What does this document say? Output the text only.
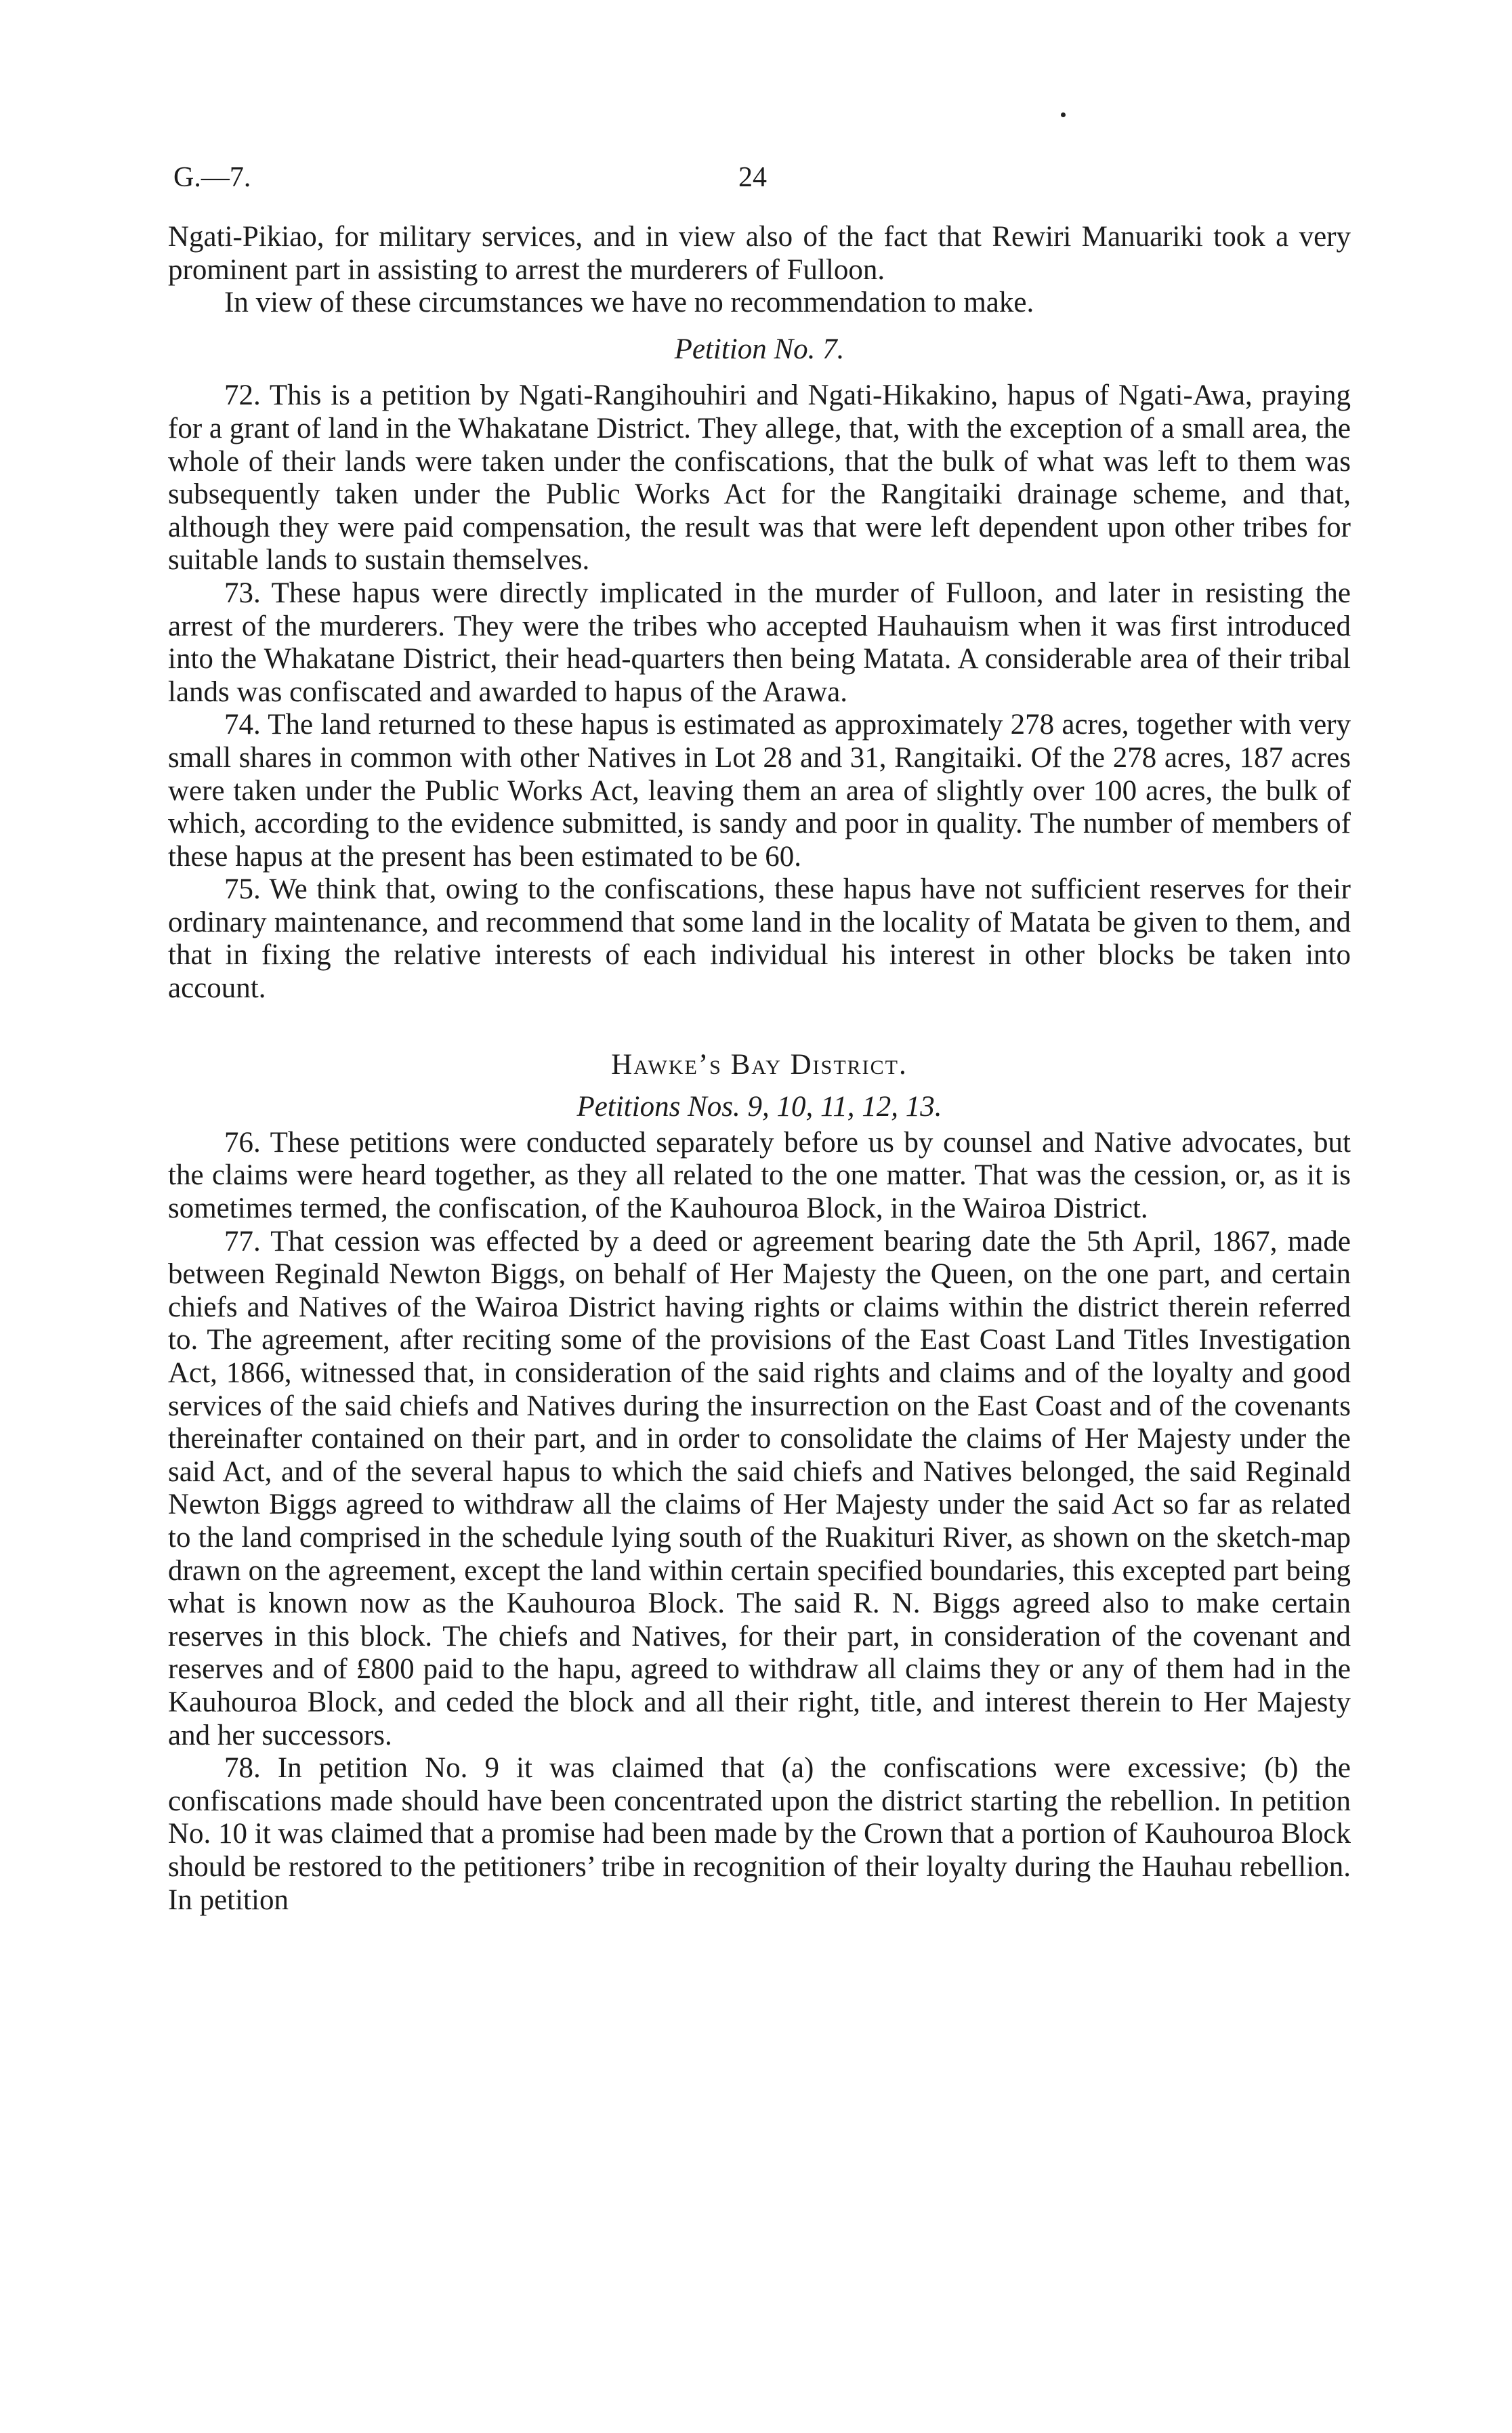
G.—7.	24

Ngati-Pikiao, for military services, and in view also of the fact that Rewiri Manuariki took a very prominent part in assisting to arrest the murderers of Fulloon.

In view of these circumstances we have no recommendation to make.

Petition No. 7.

72. This is a petition by Ngati-Rangihouhiri and Ngati-Hikakino, hapus of Ngati-Awa, praying for a grant of land in the Whakatane District. They allege, that, with the exception of a small area, the whole of their lands were taken under the confiscations, that the bulk of what was left to them was subsequently taken under the Public Works Act for the Rangitaiki drainage scheme, and that, although they were paid compensation, the result was that were left dependent upon other tribes for suitable lands to sustain themselves.

73. These hapus were directly implicated in the murder of Fulloon, and later in resisting the arrest of the murderers. They were the tribes who accepted Hauhauism when it was first introduced into the Whakatane District, their head-quarters then being Matata. A considerable area of their tribal lands was confiscated and awarded to hapus of the Arawa.

74. The land returned to these hapus is estimated as approximately 278 acres, together with very small shares in common with other Natives in Lot 28 and 31, Rangitaiki. Of the 278 acres, 187 acres were taken under the Public Works Act, leaving them an area of slightly over 100 acres, the bulk of which, according to the evidence submitted, is sandy and poor in quality. The number of members of these hapus at the present has been estimated to be 60.

75. We think that, owing to the confiscations, these hapus have not sufficient reserves for their ordinary maintenance, and recommend that some land in the locality of Matata be given to them, and that in fixing the relative interests of each individual his interest in other blocks be taken into account.

Hawke’s Bay District.

Petitions Nos. 9, 10, 11, 12, 13.

76. These petitions were conducted separately before us by counsel and Native advocates, but the claims were heard together, as they all related to the one matter. That was the cession, or, as it is sometimes termed, the confiscation, of the Kauhouroa Block, in the Wairoa District.

77. That cession was effected by a deed or agreement bearing date the 5th April, 1867, made between Reginald Newton Biggs, on behalf of Her Majesty the Queen, on the one part, and certain chiefs and Natives of the Wairoa District having rights or claims within the district therein referred to. The agreement, after reciting some of the provisions of the East Coast Land Titles Investigation Act, 1866, witnessed that, in consideration of the said rights and claims and of the loyalty and good services of the said chiefs and Natives during the insurrection on the East Coast and of the covenants thereinafter contained on their part, and in order to consolidate the claims of Her Majesty under the said Act, and of the several hapus to which the said chiefs and Natives belonged, the said Reginald Newton Biggs agreed to withdraw all the claims of Her Majesty under the said Act so far as related to the land comprised in the schedule lying south of the Ruakituri River, as shown on the sketch-map drawn on the agreement, except the land within certain specified boundaries, this excepted part being what is known now as the Kauhouroa Block. The said R. N. Biggs agreed also to make certain reserves in this block. The chiefs and Natives, for their part, in consideration of the covenant and reserves and of £800 paid to the hapu, agreed to withdraw all claims they or any of them had in the Kauhouroa Block, and ceded the block and all their right, title, and interest therein to Her Majesty and her successors.

78. In petition No. 9 it was claimed that (a) the confiscations were excessive; (b) the confiscations made should have been concentrated upon the district starting the rebellion. In petition No. 10 it was claimed that a promise had been made by the Crown that a portion of Kauhouroa Block should be restored to the petitioners’ tribe in recognition of their loyalty during the Hauhau rebellion. In petition
